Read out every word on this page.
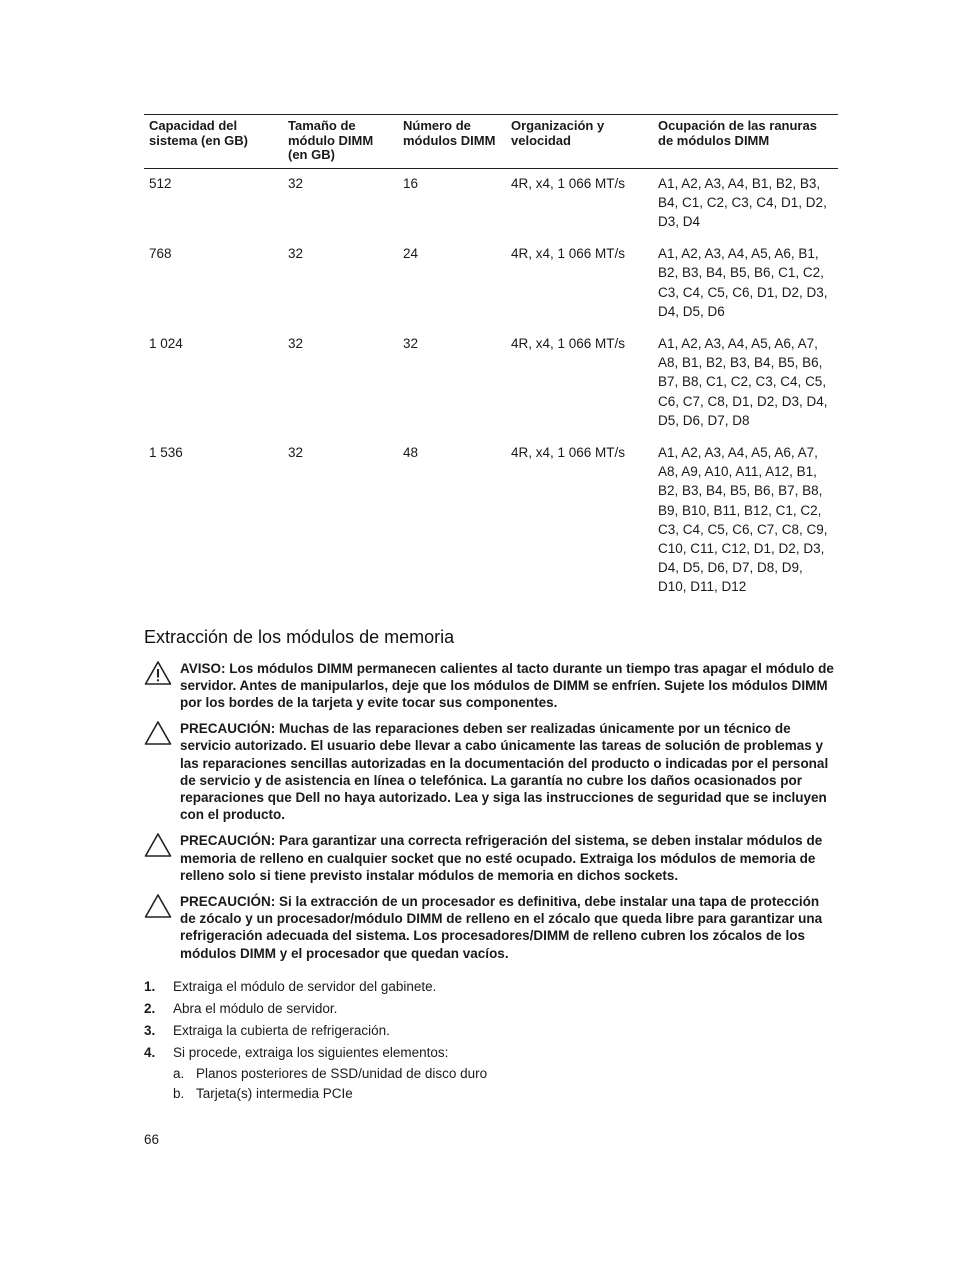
Capacidad del sistema (en GB)	Tamaño de módulo DIMM (en GB)	Número de módulos DIMM	Organización y velocidad	Ocupación de las ranuras de módulos DIMM
512	32	16	4R, x4, 1 066 MT/s	A1, A2, A3, A4, B1, B2, B3, B4, C1, C2, C3, C4, D1, D2, D3, D4
768	32	24	4R, x4, 1 066 MT/s	A1, A2, A3, A4, A5, A6, B1, B2, B3, B4, B5, B6, C1, C2, C3, C4, C5, C6, D1, D2, D3, D4, D5, D6
1 024	32	32	4R, x4, 1 066 MT/s	A1, A2, A3, A4, A5, A6, A7, A8, B1, B2, B3, B4, B5, B6, B7, B8, C1, C2, C3, C4, C5, C6, C7, C8, D1, D2, D3, D4, D5, D6, D7, D8
1 536	32	48	4R, x4, 1 066 MT/s	A1, A2, A3, A4, A5, A6, A7, A8, A9, A10, A11, A12, B1, B2, B3, B4, B5, B6, B7, B8, B9, B10, B11, B12, C1, C2, C3, C4, C5, C6, C7, C8, C9, C10, C11, C12, D1, D2, D3, D4, D5, D6, D7, D8, D9, D10, D11, D12
Extracción de los módulos de memoria

AVISO: Los módulos DIMM permanecen calientes al tacto durante un tiempo tras apagar el módulo de servidor. Antes de manipularlos, deje que los módulos de DIMM se enfríen. Sujete los módulos DIMM por los bordes de la tarjeta y evite tocar sus componentes.

PRECAUCIÓN: Muchas de las reparaciones deben ser realizadas únicamente por un técnico de servicio autorizado. El usuario debe llevar a cabo únicamente las tareas de solución de problemas y las reparaciones sencillas autorizadas en la documentación del producto o indicadas por el personal de servicio y de asistencia en línea o telefónica. La garantía no cubre los daños ocasionados por reparaciones que Dell no haya autorizado. Lea y siga las instrucciones de seguridad que se incluyen con el producto.

PRECAUCIÓN: Para garantizar una correcta refrigeración del sistema, se deben instalar módulos de memoria de relleno en cualquier socket que no esté ocupado. Extraiga los módulos de memoria de relleno solo si tiene previsto instalar módulos de memoria en dichos sockets.

PRECAUCIÓN: Si la extracción de un procesador es definitiva, debe instalar una tapa de protección de zócalo y un procesador/módulo DIMM de relleno en el zócalo que queda libre para garantizar una refrigeración adecuada del sistema. Los procesadores/DIMM de relleno cubren los zócalos de los módulos DIMM y el procesador que quedan vacíos.

1. Extraiga el módulo de servidor del gabinete.
2. Abra el módulo de servidor.
3. Extraiga la cubierta de refrigeración.
4. Si procede, extraiga los siguientes elementos:
a. Planos posteriores de SSD/unidad de disco duro
b. Tarjeta(s) intermedia PCIe
66
